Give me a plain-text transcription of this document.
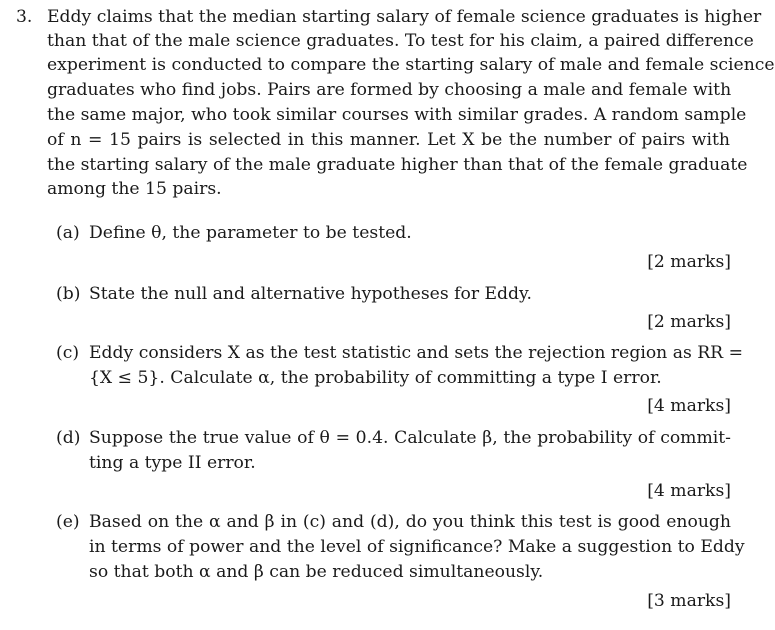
3. Eddy claims that the median starting salary of female science graduates is higher
than that of the male science graduates. To test for his claim, a paired difference
experiment is conducted to compare the starting salary of male and female science
graduates who find jobs. Pairs are formed by choosing a male and female with
the same major, who took similar courses with similar grades. A random sample
of n = 15 pairs is selected in this manner. Let X be the number of pairs with
the starting salary of the male graduate higher than that of the female graduate
among the 15 pairs.
(a) Define θ, the parameter to be tested.
[2 marks]
(b) State the null and alternative hypotheses for Eddy.
[2 marks]
(c) Eddy considers X as the test statistic and sets the rejection region as RR =
{X ≤ 5}. Calculate α, the probability of committing a type I error.
[4 marks]
(d) Suppose the true value of θ = 0.4. Calculate β, the probability of commit-
ting a type II error.
[4 marks]
(e) Based on the α and β in (c) and (d), do you think this test is good enough
in terms of power and the level of significance? Make a suggestion to Eddy
so that both α and β can be reduced simultaneously.
[3 marks]
